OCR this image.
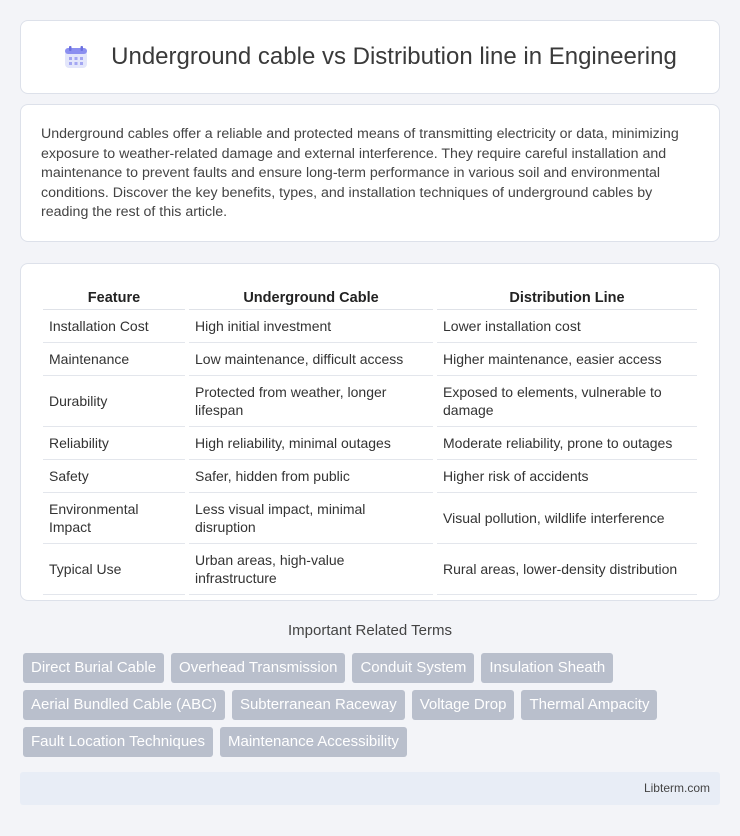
Underground cable vs Distribution line in Engineering

Underground cables offer a reliable and protected means of transmitting electricity or data, minimizing exposure to weather-related damage and external interference. They require careful installation and maintenance to prevent faults and ensure long-term performance in various soil and environmental conditions. Discover the key benefits, types, and installation techniques of underground cables by reading the rest of this article.

Feature	Underground Cable	Distribution Line
Installation Cost	High initial investment	Lower installation cost
Maintenance	Low maintenance, difficult access	Higher maintenance, easier access
Durability	Protected from weather, longer lifespan	Exposed to elements, vulnerable to damage
Reliability	High reliability, minimal outages	Moderate reliability, prone to outages
Safety	Safer, hidden from public	Higher risk of accidents
Environmental Impact	Less visual impact, minimal disruption	Visual pollution, wildlife interference
Typical Use	Urban areas, high-value infrastructure	Rural areas, lower-density distribution
Important Related Terms
Direct Burial Cable	Overhead Transmission	Conduit System	Insulation Sheath
Aerial Bundled Cable (ABC)	Subterranean Raceway	Voltage Drop	Thermal Ampacity
Fault Location Techniques	Maintenance Accessibility
Libterm.com
